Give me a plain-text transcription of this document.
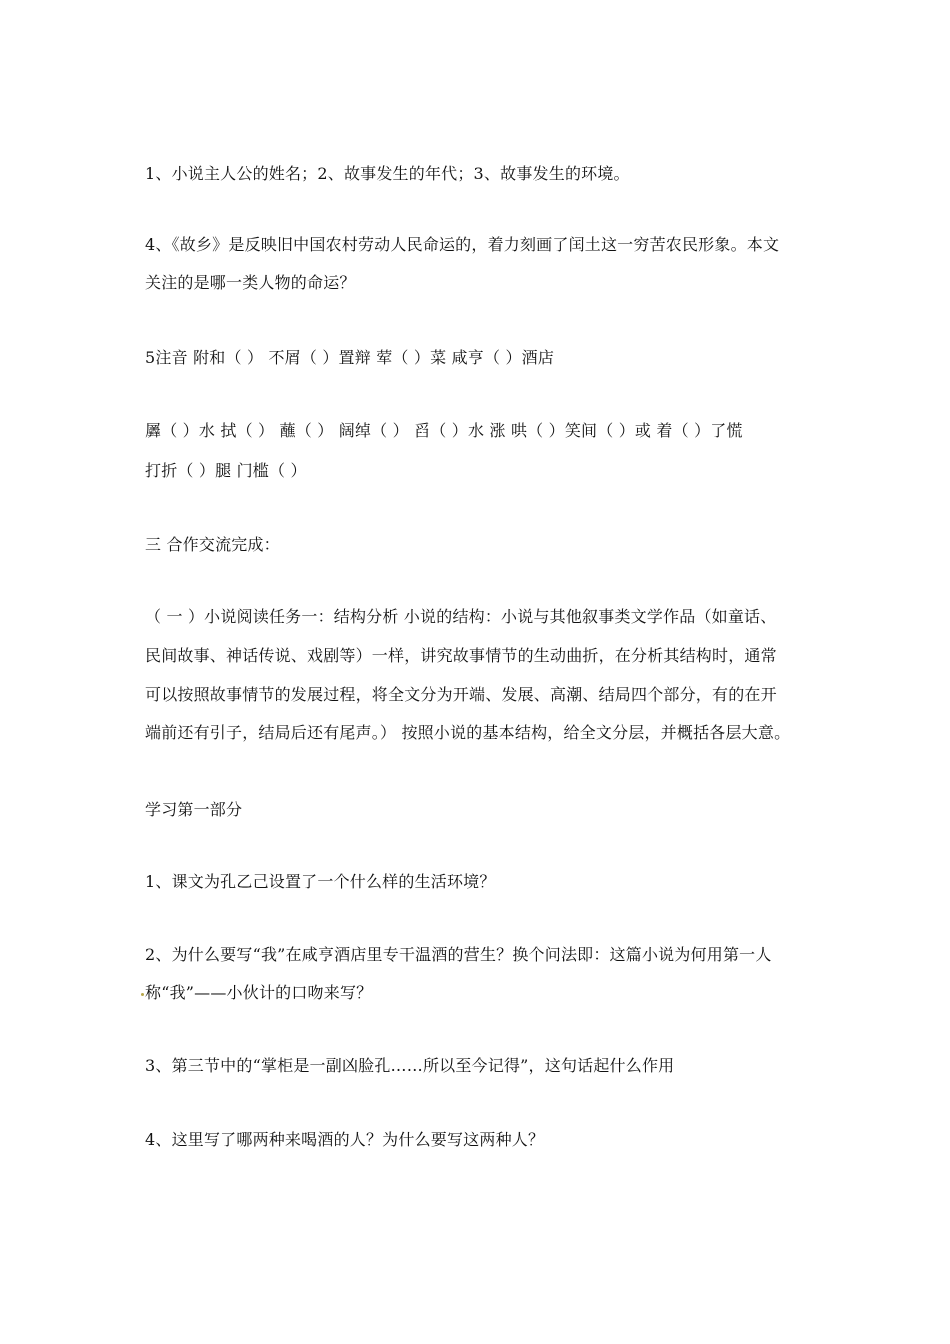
1、小说主人公的姓名；2、故事发生的年代；3、故事发生的环境。
4、《故乡》是反映旧中国农村劳动人民命运的，着力刻画了闰土这一穷苦农民形象。本文
关注的是哪一类人物的命运？
5注音 附和（ ） 不屑（ ）置辩 荤（ ）菜 咸亨（ ）酒店
羼（ ）水 拭（ ） 蘸（ ） 阔绰（ ） 舀（ ）水 涨 哄（ ）笑间（ ）或 着（ ）了慌
打折（ ）腿 门槛（ ）
三 合作交流完成：
（ 一 ）小说阅读任务一：结构分析 小说的结构：小说与其他叙事类文学作品（如童话、
民间故事、神话传说、戏剧等）一样，讲究故事情节的生动曲折，在分析其结构时，通常
可以按照故事情节的发展过程，将全文分为开端、发展、高潮、结局四个部分，有的在开
端前还有引子，结局后还有尾声。） 按照小说的基本结构，给全文分层，并概括各层大意。
学习第一部分
1、课文为孔乙己设置了一个什么样的生活环境？
2、为什么要写“我”在咸亨酒店里专干温酒的营生？换个问法即：这篇小说为何用第一人
称“我”——小伙计的口吻来写？
3、第三节中的“掌柜是一副凶脸孔……所以至今记得”，这句话起什么作用
4、这里写了哪两种来喝酒的人？为什么要写这两种人？
